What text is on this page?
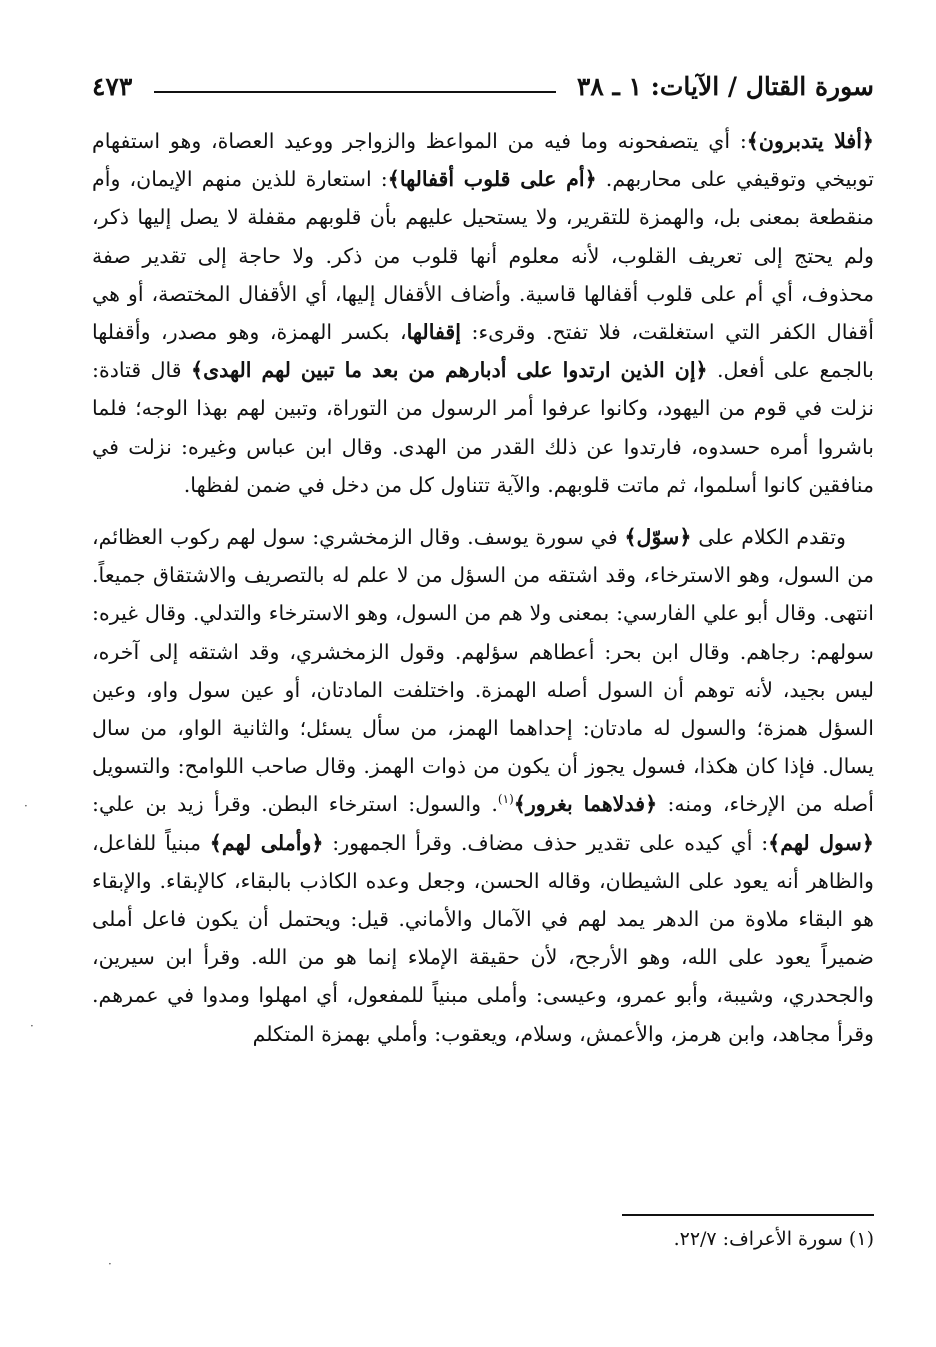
سورة القتال / الآيات: ١ ـ ٣٨
٤٧٣

﴿أفلا يتدبرون﴾: أي يتصفحونه وما فيه من المواعظ والزواجر ووعيد العصاة، وهو استفهام توبيخي وتوقيفي على محاربهم. ﴿أم على قلوب أقفالها﴾: استعارة للذين منهم الإيمان، وأم منقطعة بمعنى بل، والهمزة للتقرير، ولا يستحيل عليهم بأن قلوبهم مقفلة لا يصل إليها ذكر، ولم يحتج إلى تعريف القلوب، لأنه معلوم أنها قلوب من ذكر. ولا حاجة إلى تقدير صفة محذوف، أي أم على قلوب أقفالها قاسية. وأضاف الأقفال إليها، أي الأقفال المختصة، أو هي أقفال الكفر التي استغلقت، فلا تفتح. وقرىء: إقفالها، بكسر الهمزة، وهو مصدر، وأقفلها بالجمع على أفعل. ﴿إن الذين ارتدوا على أدبارهم من بعد ما تبين لهم الهدى﴾ قال قتادة: نزلت في قوم من اليهود، وكانوا عرفوا أمر الرسول من التوراة، وتبين لهم بهذا الوجه؛ فلما باشروا أمره حسدوه، فارتدوا عن ذلك القدر من الهدى. وقال ابن عباس وغيره: نزلت في منافقين كانوا أسلموا، ثم ماتت قلوبهم. والآية تتناول كل من دخل في ضمن لفظها.

وتقدم الكلام على ﴿سوّل﴾ في سورة يوسف. وقال الزمخشري: سول لهم ركوب العظائم، من السول، وهو الاسترخاء، وقد اشتقه من السؤل من لا علم له بالتصريف والاشتقاق جميعاً. انتهى. وقال أبو علي الفارسي: بمعنى ولا هم من السول، وهو الاسترخاء والتدلي. وقال غيره: سولهم: رجاهم. وقال ابن بحر: أعطاهم سؤلهم. وقول الزمخشري، وقد اشتقه إلى آخره، ليس بجيد، لأنه توهم أن السول أصله الهمزة. واختلفت المادتان، أو عين سول واو، وعين السؤل همزة؛ والسول له مادتان: إحداهما الهمز، من سأل يسئل؛ والثانية الواو، من سال يسال. فإذا كان هكذا، فسول يجوز أن يكون من ذوات الهمز. وقال صاحب اللوامح: والتسويل أصله من الإرخاء، ومنه: ﴿فدلاهما بغرور﴾$^{(١)}$. والسول: استرخاء البطن. وقرأ زيد بن علي: ﴿سول لهم﴾: أي كيده على تقدير حذف مضاف. وقرأ الجمهور: ﴿وأملى لهم﴾ مبنياً للفاعل، والظاهر أنه يعود على الشيطان، وقاله الحسن، وجعل وعده الكاذب بالبقاء، كالإبقاء. والإبقاء هو البقاء ملاوة من الدهر يمد لهم في الآمال والأماني. قيل: ويحتمل أن يكون فاعل أملى ضميراً يعود على الله، وهو الأرجح، لأن حقيقة الإملاء إنما هو من الله. وقرأ ابن سيرين، والجحدري، وشيبة، وأبو عمرو، وعيسى: وأملى مبنياً للمفعول، أي امهلوا ومدوا في عمرهم. وقرأ مجاهد، وابن هرمز، والأعمش، وسلام، ويعقوب: وأملي بهمزة المتكلم

(١) سورة الأعراف: ٢٢/٧.
·
·
·
